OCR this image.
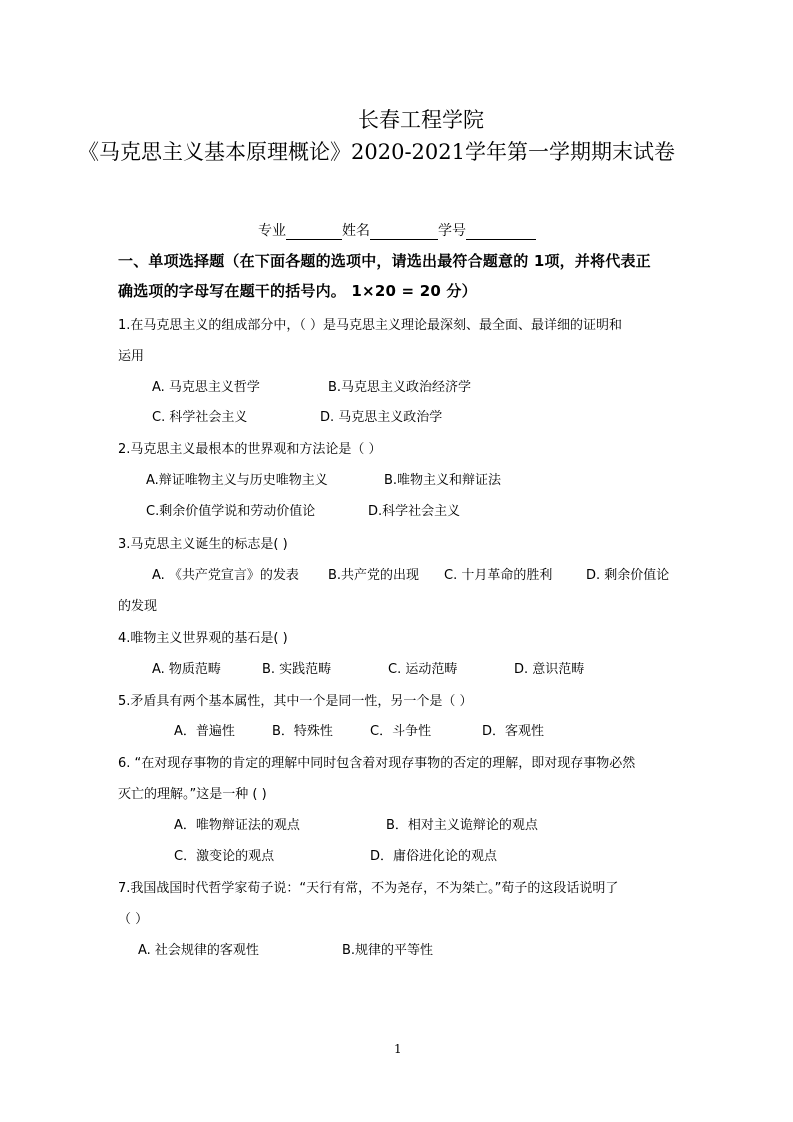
长春工程学院
《马克思主义基本原理概论》2020-2021学年第一学期期末试卷
专业	姓名	学号
一、单项选择题（在下面各题的选项中，请选出最符合题意的 1项，并将代表正
确选项的字母写在题干的括号内。 1×20 = 20 分）
1.在马克思主义的组成部分中，（ ）是马克思主义理论最深刻、最全面、最详细的证明和
运用
A. 马克思主义哲学	B.马克思主义政治经济学
C. 科学社会主义	D. 马克思主义政治学
2.马克思主义最根本的世界观和方法论是（ ）
A.辩证唯物主义与历史唯物主义	B.唯物主义和辩证法
C.剩余价值学说和劳动价值论	D.科学社会主义
3.马克思主义诞生的标志是( )
A. 《共产党宣言》的发表 B.共产党的出现 C. 十月革命的胜利	D. 剩余价值论
的发现
4.唯物主义世界观的基石是( )
A. 物质范畴	B. 实践范畴	C. 运动范畴	D. 意识范畴
5.矛盾具有两个基本属性，其中一个是同一性，另一个是（ ）
A．普遍性	B．特殊性	C．斗争性	D．客观性
6. “在对现存事物的肯定的理解中同时包含着对现存事物的否定的理解，即对现存事物必然
灭亡的理解。”这是一种 ( )
A．唯物辩证法的观点	B．相对主义诡辩论的观点
C．激变论的观点	D．庸俗进化论的观点
7.我国战国时代哲学家荀子说：“天行有常，不为尧存，不为桀亡。”荀子的这段话说明了
（ ）
A. 社会规律的客观性	B.规律的平等性
1
